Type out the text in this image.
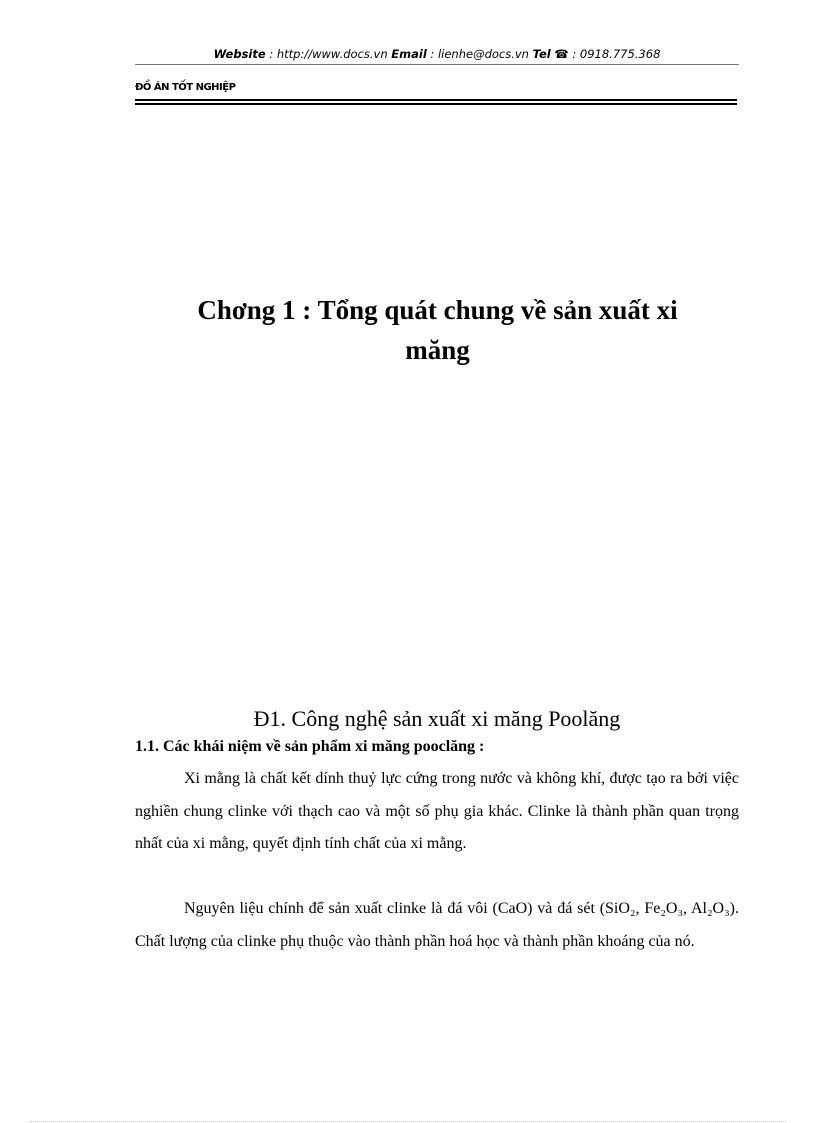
Website : http://www.docs.vn Email : lienhe@docs.vn Tel ☎ : 0918.775.368
ĐỒ ÁN TỐT NGHIỆP
Chơng 1 : Tổng quát chung về sản xuất xi
măng
Đ1. Công nghệ sản xuất xi măng Poolăng
1.1. Các khái niệm về sản phẩm xi măng pooclăng :

Xi mằng là chất kết dính thuỷ lực cứng trong nước và không khí, được tạo ra bởi việc nghiền chung clinke với thạch cao và một số phụ gia khác. Clinke là thành phần quan trọng nhất của xi mằng, quyết định tính chất của xi mằng.

Nguyên liệu chính để sản xuất clinke là đá vôi (CaO) và đá sét (SiO₂, Fe₂O₃, Al₂O₃). Chất lượng của clinke phụ thuộc vào thành phần hoá học và thành phần khoáng của nó.
